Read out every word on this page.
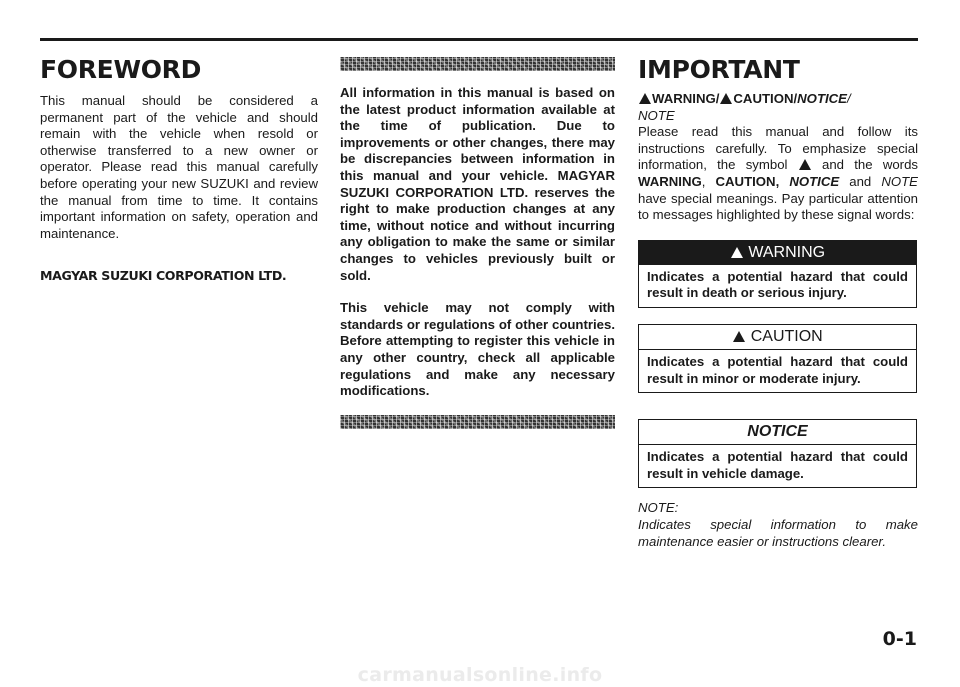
FOREWORD

This manual should be considered a permanent part of the vehicle and should remain with the vehicle when resold or otherwise transferred to a new owner or operator. Please read this manual carefully before operating your new SUZUKI and review the manual from time to time. It contains important information on safety, operation and maintenance.

MAGYAR SUZUKI CORPORATION LTD.

All information in this manual is based on the latest product information available at the time of publication. Due to improvements or other changes, there may be discrepancies between information in this manual and your vehicle. MAGYAR SUZUKI CORPORATION LTD. reserves the right to make production changes at any time, without notice and without incurring any obligation to make the same or similar changes to vehicles previously built or sold.

This vehicle may not comply with standards or regulations of other countries. Before attempting to register this vehicle in any other country, check all applicable regulations and make any necessary modifications.

IMPORTANT

WARNING/ CAUTION/NOTICE/
NOTE

Please read this manual and follow its instructions carefully. To emphasize special information, the symbol	and the words WARNING, CAUTION, NOTICE and NOTE have special meanings. Pay particular attention to messages highlighted by these signal words:

WARNING
Indicates a potential hazard that could result in death or serious injury.
CAUTION
Indicates a potential hazard that could result in minor or moderate injury.
NOTICE
Indicates a potential hazard that could result in vehicle damage.
NOTE:

Indicates special information to make maintenance easier or instructions clearer.

0-1
carmanualsonline.info
